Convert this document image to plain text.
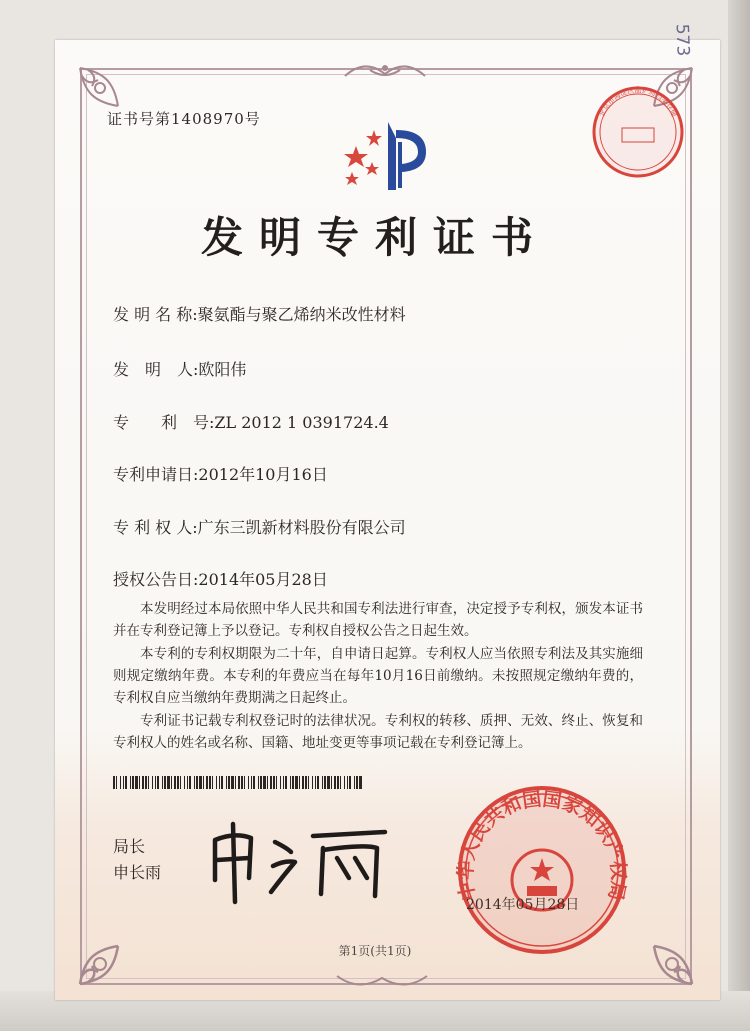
573
证书号第1408970号
发明专利证书
发 明 名 称:聚氨酯与聚乙烯纳米改性材料
发　明　人:欧阳伟
专　　利　号:ZL 2012 1 0391724.4
专利申请日:2012年10月16日
专 利 权 人:广东三凯新材料股份有限公司
授权公告日:2014年05月28日

本发明经过本局依照中华人民共和国专利法进行审查，决定授予专利权，颁发本证书并在专利登记簿上予以登记。专利权自授权公告之日起生效。

本专利的专利权期限为二十年，自申请日起算。专利权人应当依照专利法及其实施细则规定缴纳年费。本专利的年费应当在每年10月16日前缴纳。未按照规定缴纳年费的，专利权自应当缴纳年费期满之日起终止。

专利证书记载专利权登记时的法律状况。专利权的转移、质押、无效、终止、恢复和专利权人的姓名或名称、国籍、地址变更等事项记载在专利登记簿上。

局长
申长雨
中华人民共和国国家知识产权局
2014年05月28日
北京市海淀区监护局档案存储
第1页(共1页)
